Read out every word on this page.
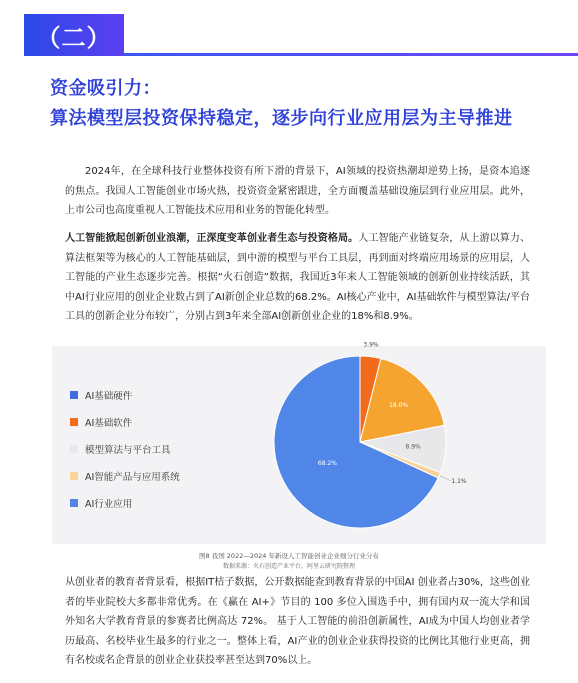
（二）
资金吸引力：
算法模型层投资保持稳定，逐步向行业应用层为主导推进

2024年，在全球科技行业整体投资有所下滑的背景下，AI领域的投资热潮却逆势上扬，是资本追逐的焦点。我国人工智能创业市场火热，投资资金紧密跟进，全方面覆盖基础设施层到行业应用层。此外，上市公司也高度重视人工智能技术应用和业务的智能化转型。

人工智能掀起创新创业浪潮，正深度变革创业者生态与投资格局。人工智能产业链复杂，从上游以算力、算法框架等为核心的人工智能基础层，到中游的模型与平台工具层，再到面对终端应用场景的应用层，人工智能的产业生态逐步完善。根据“火石创造”数据，我国近3年来人工智能领域的创新创业持续活跃，其中AI行业应用的创业企业数占到了AI新创企业总数的68.2%。AI核心产业中，AI基础软件与模型算法/平台工具的创新企业分布较广，分别占到3年来全部AI创新创业企业的18%和8.9%。

AI基础硬件
AI基础软件
模型算法与平台工具
AI智能产品与应用系统
AI行业应用
3.9%
18.0%
8.9%
1.1%
68.2%
图8 我国 2022—2024 年新设人工智能创业企业细分行业分布
数据来源：火石创造产业平台，阿里云研究院整理

从创业者的教育者背景看，根据IT桔子数据，公开数据能查到教育背景的中国AI 创业者占30%，这些创业者的毕业院校大多都非常优秀。在《赢在 AI+》节目的 100 多位入围选手中，拥有国内双一流大学和国外知名大学教育背景的参赛者比例高达 72%。 基于人工智能的前沿创新属性，AI成为中国人均创业者学历最高、名校毕业生最多的行业之一。整体上看，AI产业的创业企业获得投资的比例比其他行业更高，拥有名校或名企背景的创业企业获投率甚至达到70%以上。
